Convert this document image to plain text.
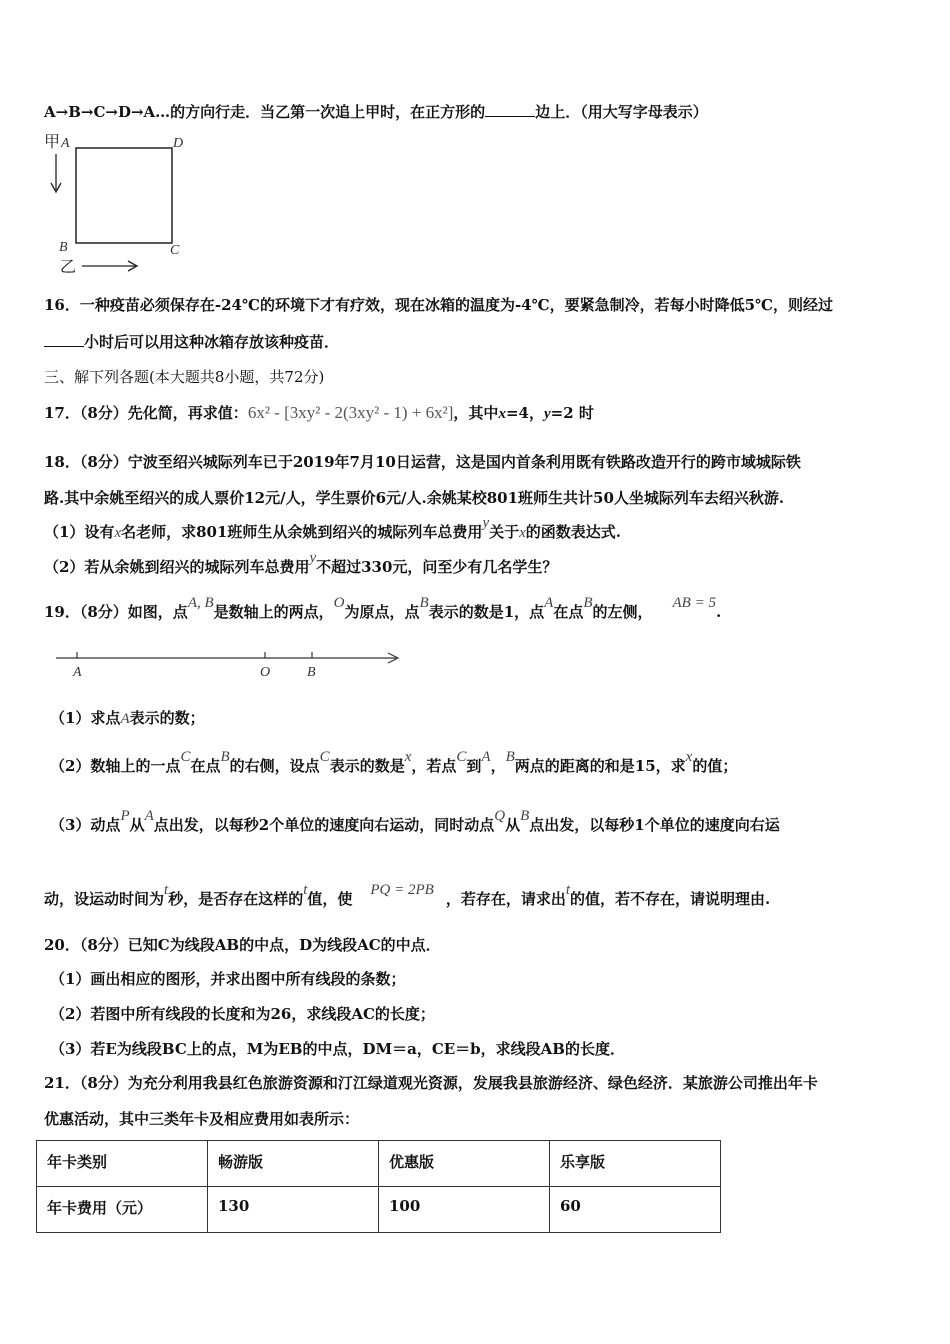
A→B→C→D→A…的方向行走．当乙第一次追上甲时，在正方形的	边上．（用大写字母表示）
甲 A	D
B	C
乙
16．一种疫苗必须保存在-24℃的环境下才有疗效，现在冰箱的温度为-4℃，要紧急制冷，若每小时降低5℃，则经过
小时后可以用这种冰箱存放该种疫苗．
三、解下列各题(本大题共8小题，共72分)
17．（8分）先化简，再求值：6x² - [3xy² - 2(3xy² - 1) + 6x²]，其中x=4，y=2 时
18．（8分）宁波至绍兴城际列车已于2019年7月10日运营，这是国内首条利用既有铁路改造开行的跨市域城际铁
路.其中余姚至绍兴的成人票价12元/人，学生票价6元/人.余姚某校801班师生共计50人坐城际列车去绍兴秋游.
（1）设有x名老师，求801班师生从余姚到绍兴的城际列车总费用y关于x的函数表达式.
（2）若从余姚到绍兴的城际列车总费用y不超过330元，问至少有几名学生？
19．（8分）如图，点A, B是数轴上的两点，O为原点，点B表示的数是1，点A在点B的左侧， AB = 5.
A	O	B
（1）求点A表示的数；
（2）数轴上的一点C在点B的右侧，设点C表示的数是x，若点C到A，B两点的距离的和是15，求x的值；
（3）动点P从A点出发，以每秒2个单位的速度向右运动，同时动点Q从B点出发，以每秒1个单位的速度向右运
动，设运动时间为t秒，是否存在这样的t值，使 PQ = 2PB ，若存在，请求出t的值，若不存在，请说明理由.
20．（8分）已知C为线段AB的中点，D为线段AC的中点．
（1）画出相应的图形，并求出图中所有线段的条数；
（2）若图中所有线段的长度和为26，求线段AC的长度；
（3）若E为线段BC上的点，M为EB的中点，DM＝a，CE＝b，求线段AB的长度．
21．（8分）为充分利用我县红色旅游资源和汀江绿道观光资源，发展我县旅游经济、绿色经济．某旅游公司推出年卡
优惠活动，其中三类年卡及相应费用如表所示：
年卡类别	畅游版	优惠版	乐享版
年卡费用（元）	130	100	60
